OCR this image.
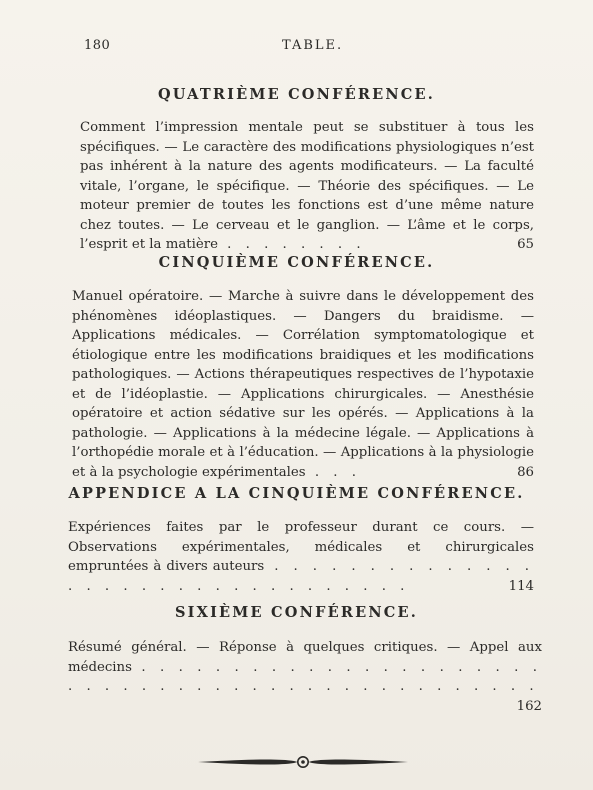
180	TABLE.
QUATRIÈME CONFÉRENCE.
Comment l’impression mentale peut se substituer à tous les spécifiques. — Le caractère des modifications physiologiques n’est pas inhérent à la nature des agents modificateurs. — La faculté vitale, l’organe, le spécifique. — Théorie des spécifiques. — Le moteur premier de toutes les fonctions est d’une même nature chez toutes. — Le cerveau et le ganglion. — L’âme et le corps, l’esprit et la matière . . . . . . . .	65
CINQUIÈME CONFÉRENCE.
Manuel opératoire. — Marche à suivre dans le développement des phénomènes idéoplastiques. — Dangers du braidisme. — Applications médicales. — Corrélation symptomatologique et étiologique entre les modifications braidiques et les modifications pathologiques. — Actions thérapeutiques respectives de l’hypotaxie et de l’idéoplastie. — Applications chirurgicales. — Anesthésie opératoire et action sédative sur les opérés. — Applications à la pathologie. — Applications à la médecine légale. — Applications à l’orthopédie morale et à l’éducation. — Applications à la physiologie et à la psychologie expérimentales . . .	86
APPENDICE A LA CINQUIÈME CONFÉRENCE.
Expériences faites par le professeur durant ce cours. — Observations expérimentales, médicales et chirurgicales empruntées à divers auteurs . . . . . . . . . . . . . . . . . . . . . . . . . . . . . . . . .	114
SIXIÈME CONFÉRENCE.
Résumé général. — Réponse à quelques critiques. — Appel aux médecins . . . . . . . . . . . . . . . . . . . . . . . . . . . . . . . . . . . . . . . . . . . . . . . .
162
